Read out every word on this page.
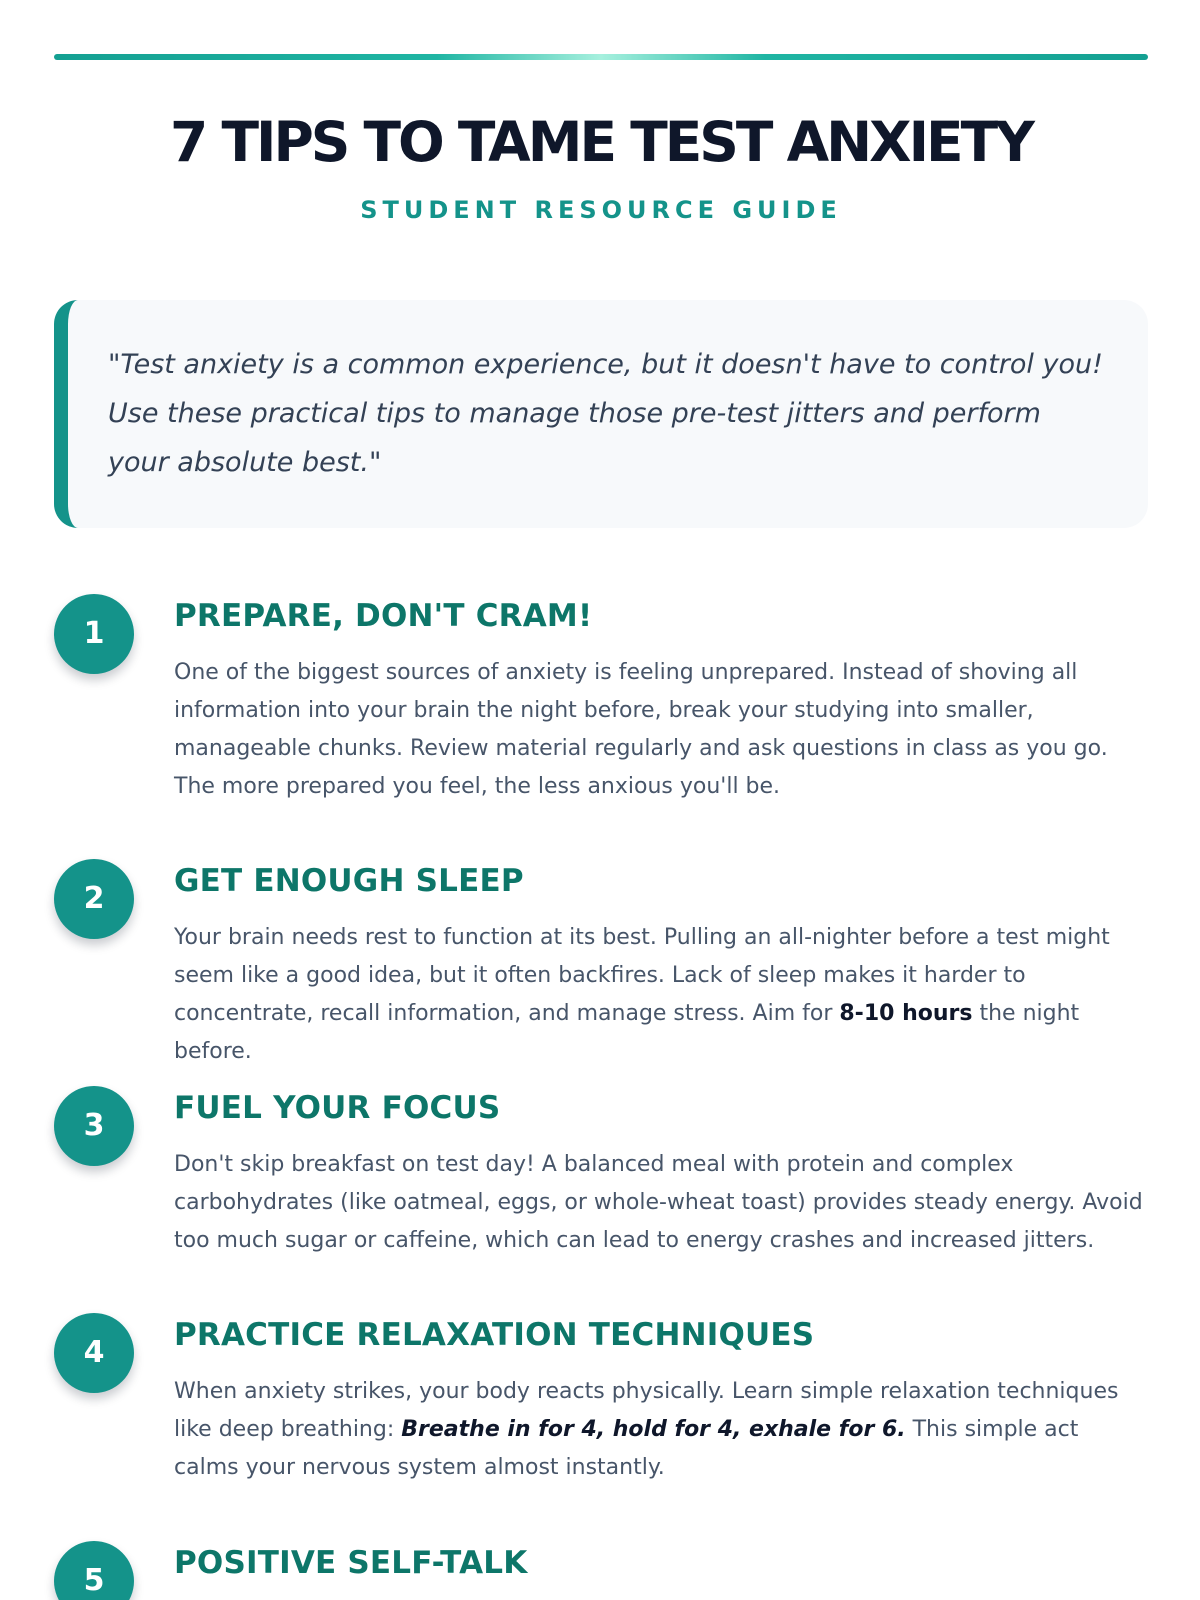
7 TIPS TO TAME TEST ANXIETY
STUDENT RESOURCE GUIDE

"Test anxiety is a common experience, but it doesn't have to control you! Use these practical tips to manage those pre-test jitters and perform your absolute best."

1	PREPARE, DON'T CRAM!

One of the biggest sources of anxiety is feeling unprepared. Instead of shoving all information into your brain the night before, break your studying into smaller, manageable chunks. Review material regularly and ask questions in class as you go. The more prepared you feel, the less anxious you'll be.

2	GET ENOUGH SLEEP

Your brain needs rest to function at its best. Pulling an all-nighter before a test might seem like a good idea, but it often backfires. Lack of sleep makes it harder to concentrate, recall information, and manage stress. Aim for 8-10 hours the night before.

3	FUEL YOUR FOCUS

Don't skip breakfast on test day! A balanced meal with protein and complex carbohydrates (like oatmeal, eggs, or whole-wheat toast) provides steady energy. Avoid too much sugar or caffeine, which can lead to energy crashes and increased jitters.

4	PRACTICE RELAXATION TECHNIQUES

When anxiety strikes, your body reacts physically. Learn simple relaxation techniques like deep breathing: Breathe in for 4, hold for 4, exhale for 6. This simple act calms your nervous system almost instantly.

5	POSITIVE SELF-TALK
